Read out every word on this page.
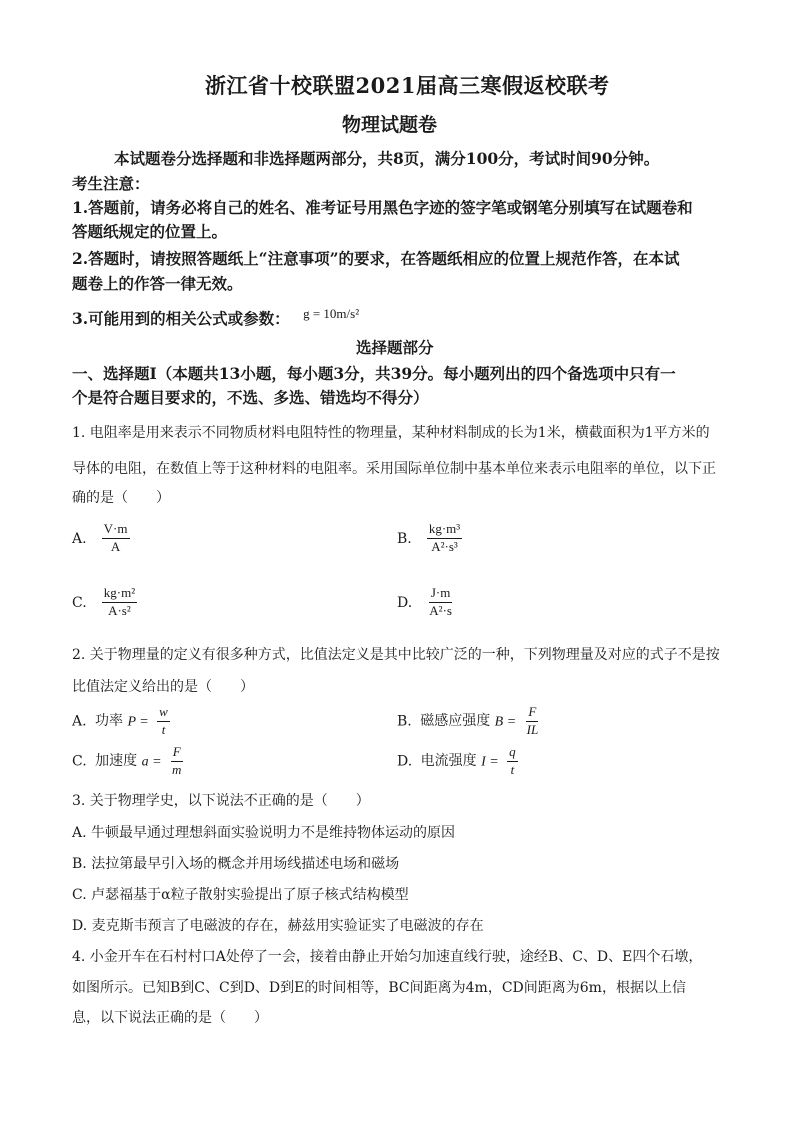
浙江省十校联盟2021届高三寒假返校联考
物理试题卷
本试题卷分选择题和非选择题两部分，共8页，满分100分，考试时间90分钟。
考生注意：
1.答题前，请务必将自己的姓名、准考证号用黑色字迹的签字笔或钢笔分别填写在试题卷和
答题纸规定的位置上。
2.答题时，请按照答题纸上“注意事项”的要求，在答题纸相应的位置上规范作答，在本试
题卷上的作答一律无效。
3.可能用到的相关公式或参数： $^{g = 10m/s^2}$
选择题部分
一、选择题Ⅰ（本题共13小题，每小题3分，共39分。每小题列出的四个备选项中只有一
个是符合题目要求的，不选、多选、错选均不得分）
1. 电阻率是用来表示不同物质材料电阻特性的物理量，某种材料制成的长为1米，横截面积为1平方米的
导体的电阻，在数值上等于这种材料的电阻率。采用国际单位制中基本单位来表示电阻率的单位，以下正
确的是（　　）
A. $\frac{V\cdot m}{A}$	B. $\frac{\text{kg·m³}}{\text{A²·s³}}$
C. $\frac{\text{kg·m²}}{\text{A·s²}}$	D. $\frac{J\cdot m}{\text{A²·s}}$
2. 关于物理量的定义有很多种方式，比值法定义是其中比较广泛的一种，下列物理量及对应的式子不是按
比值法定义给出的是（　　）
A. 功率 $P = \frac{w}{t}$	B. 磁感应强度 $B = \frac{F}{IL}$
C. 加速度 $a = \frac{F}{m}$	D. 电流强度 $I = \frac{q}{t}$
3. 关于物理学史，以下说法不正确的是（　　）
A. 牛顿最早通过理想斜面实验说明力不是维持物体运动的原因
B. 法拉第最早引入场的概念并用场线描述电场和磁场
C. 卢瑟福基于α粒子散射实验提出了原子核式结构模型
D. 麦克斯韦预言了电磁波的存在，赫兹用实验证实了电磁波的存在
4. 小金开车在石村村口A处停了一会，接着由静止开始匀加速直线行驶，途经B、C、D、E四个石墩，
如图所示。已知B到C、C到D、D到E的时间相等，BC间距离为4m，CD间距离为6m，根据以上信
息，以下说法正确的是（　　）
